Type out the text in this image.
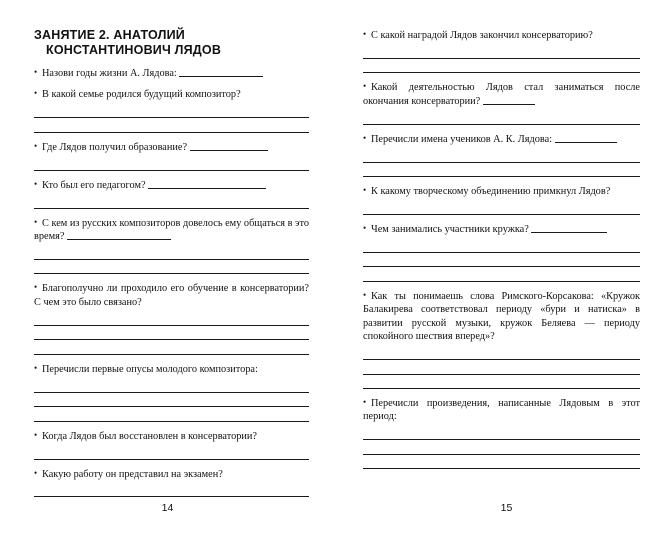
ЗАНЯТИЕ 2. АНАТОЛИЙ
КОНСТАНТИНОВИЧ ЛЯДОВ

• Назови годы жизни А. Лядова:

• В какой семье родился будущий композитор?

• Где Лядов получил образование?

• Кто был его педагогом?

• С кем из русских композиторов довелось ему общаться в это время?

• Благополучно ли проходило его обучение в консерватории? С чем это было связано?

• Перечисли первые опусы молодого композитора:

• Когда Лядов был восстановлен в консерватории?

• Какую работу он представил на экзамен?

14

• С какой наградой Лядов закончил консерваторию?

• Какой деятельностью Лядов стал заниматься после окончания консерватории?

• Перечисли имена учеников А. К. Лядова:

• К какому творческому объединению примкнул Лядов?

• Чем занимались участники кружка?

• Как ты понимаешь слова Римского-Корсакова: «Кружок Балакирева соответствовал периоду «бури и натиска» в развитии русской музыки, кружок Беляева — периоду спокойного шествия вперед»?

• Перечисли произведения, написанные Лядовым в этот период:

15
